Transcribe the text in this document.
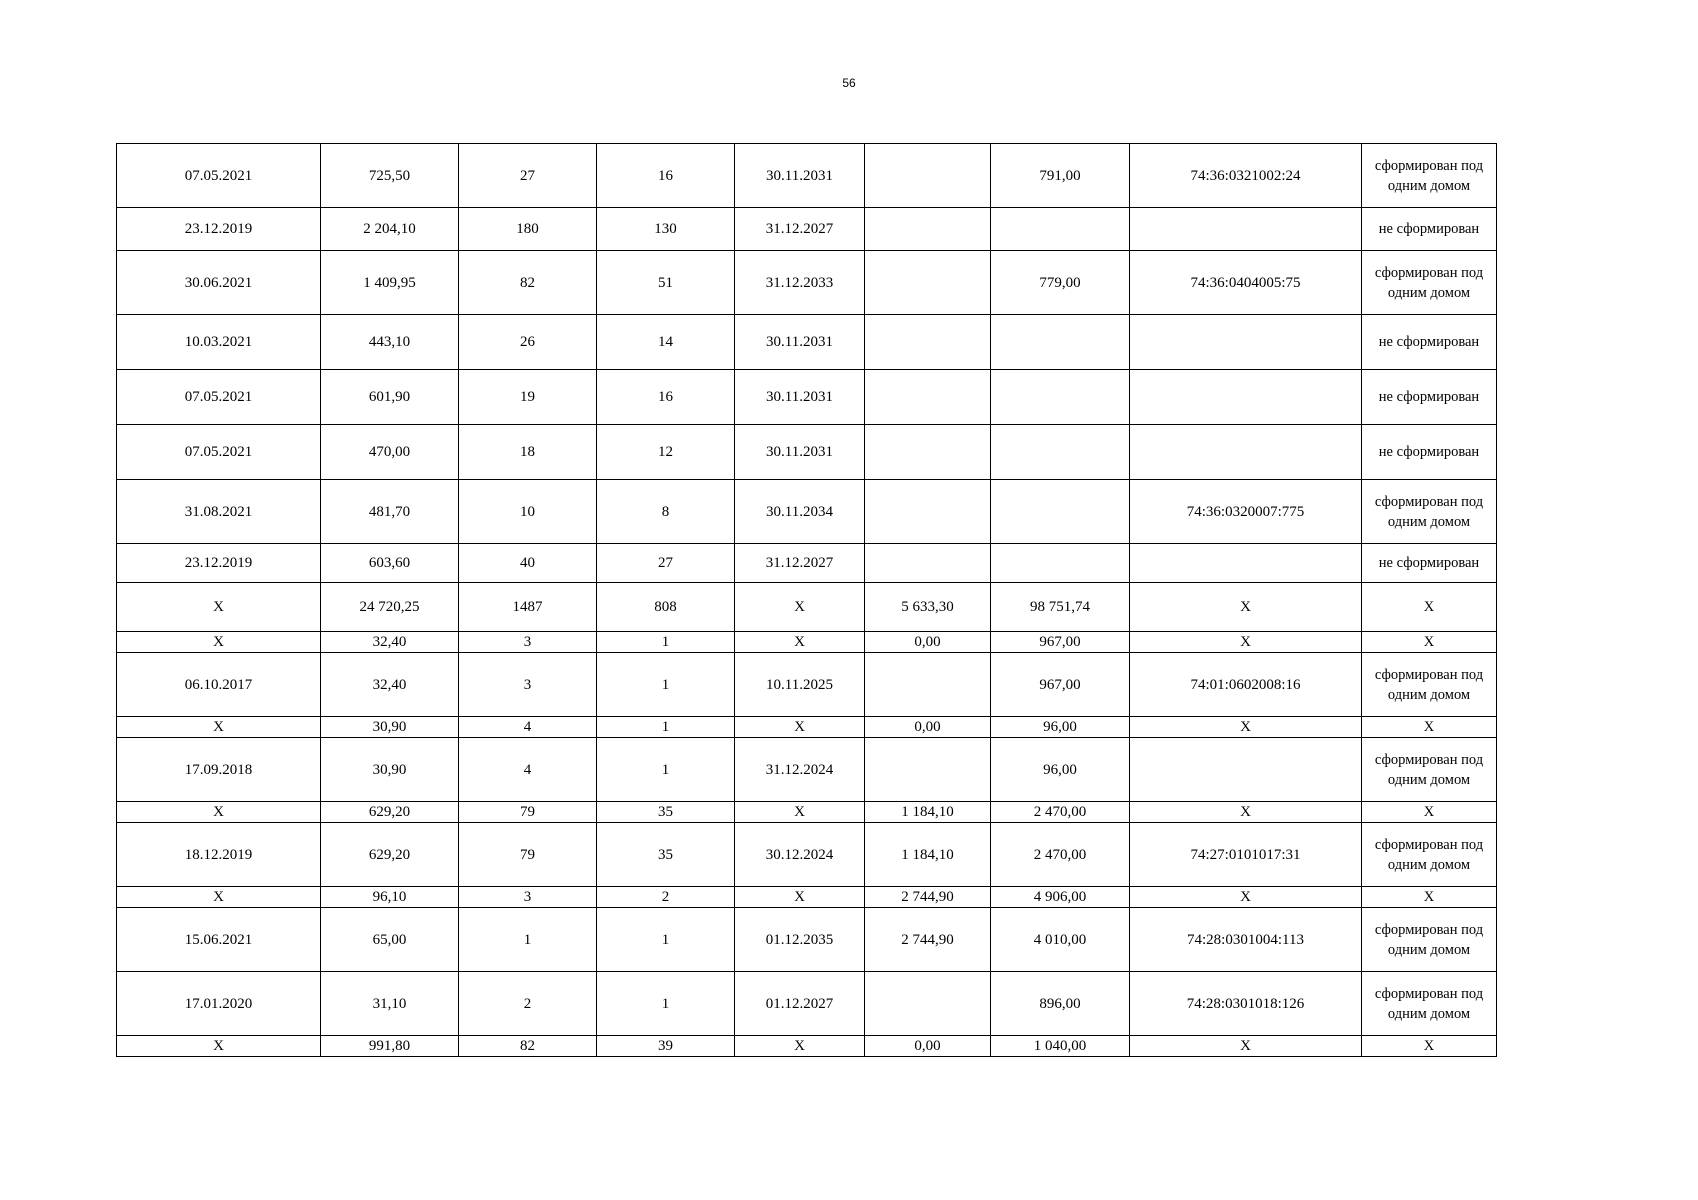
56
07.05.2021	725,50	27	16	30.11.2031		791,00	74:36:0321002:24	сформирован под одним домом
23.12.2019	2 204,10	180	130	31.12.2027				не сформирован
30.06.2021	1 409,95	82	51	31.12.2033		779,00	74:36:0404005:75	сформирован под одним домом
10.03.2021	443,10	26	14	30.11.2031				не сформирован
07.05.2021	601,90	19	16	30.11.2031				не сформирован
07.05.2021	470,00	18	12	30.11.2031				не сформирован
31.08.2021	481,70	10	8	30.11.2034			74:36:0320007:775	сформирован под одним домом
23.12.2019	603,60	40	27	31.12.2027				не сформирован
X	24 720,25	1487	808	X	5 633,30	98 751,74	X	X
X	32,40	3	1	X	0,00	967,00	X	X
06.10.2017	32,40	3	1	10.11.2025		967,00	74:01:0602008:16	сформирован под одним домом
X	30,90	4	1	X	0,00	96,00	X	X
17.09.2018	30,90	4	1	31.12.2024		96,00		сформирован под одним домом
X	629,20	79	35	X	1 184,10	2 470,00	X	X
18.12.2019	629,20	79	35	30.12.2024	1 184,10	2 470,00	74:27:0101017:31	сформирован под одним домом
X	96,10	3	2	X	2 744,90	4 906,00	X	X
15.06.2021	65,00	1	1	01.12.2035	2 744,90	4 010,00	74:28:0301004:113	сформирован под одним домом
17.01.2020	31,10	2	1	01.12.2027		896,00	74:28:0301018:126	сформирован под одним домом
X	991,80	82	39	X	0,00	1 040,00	X	X
